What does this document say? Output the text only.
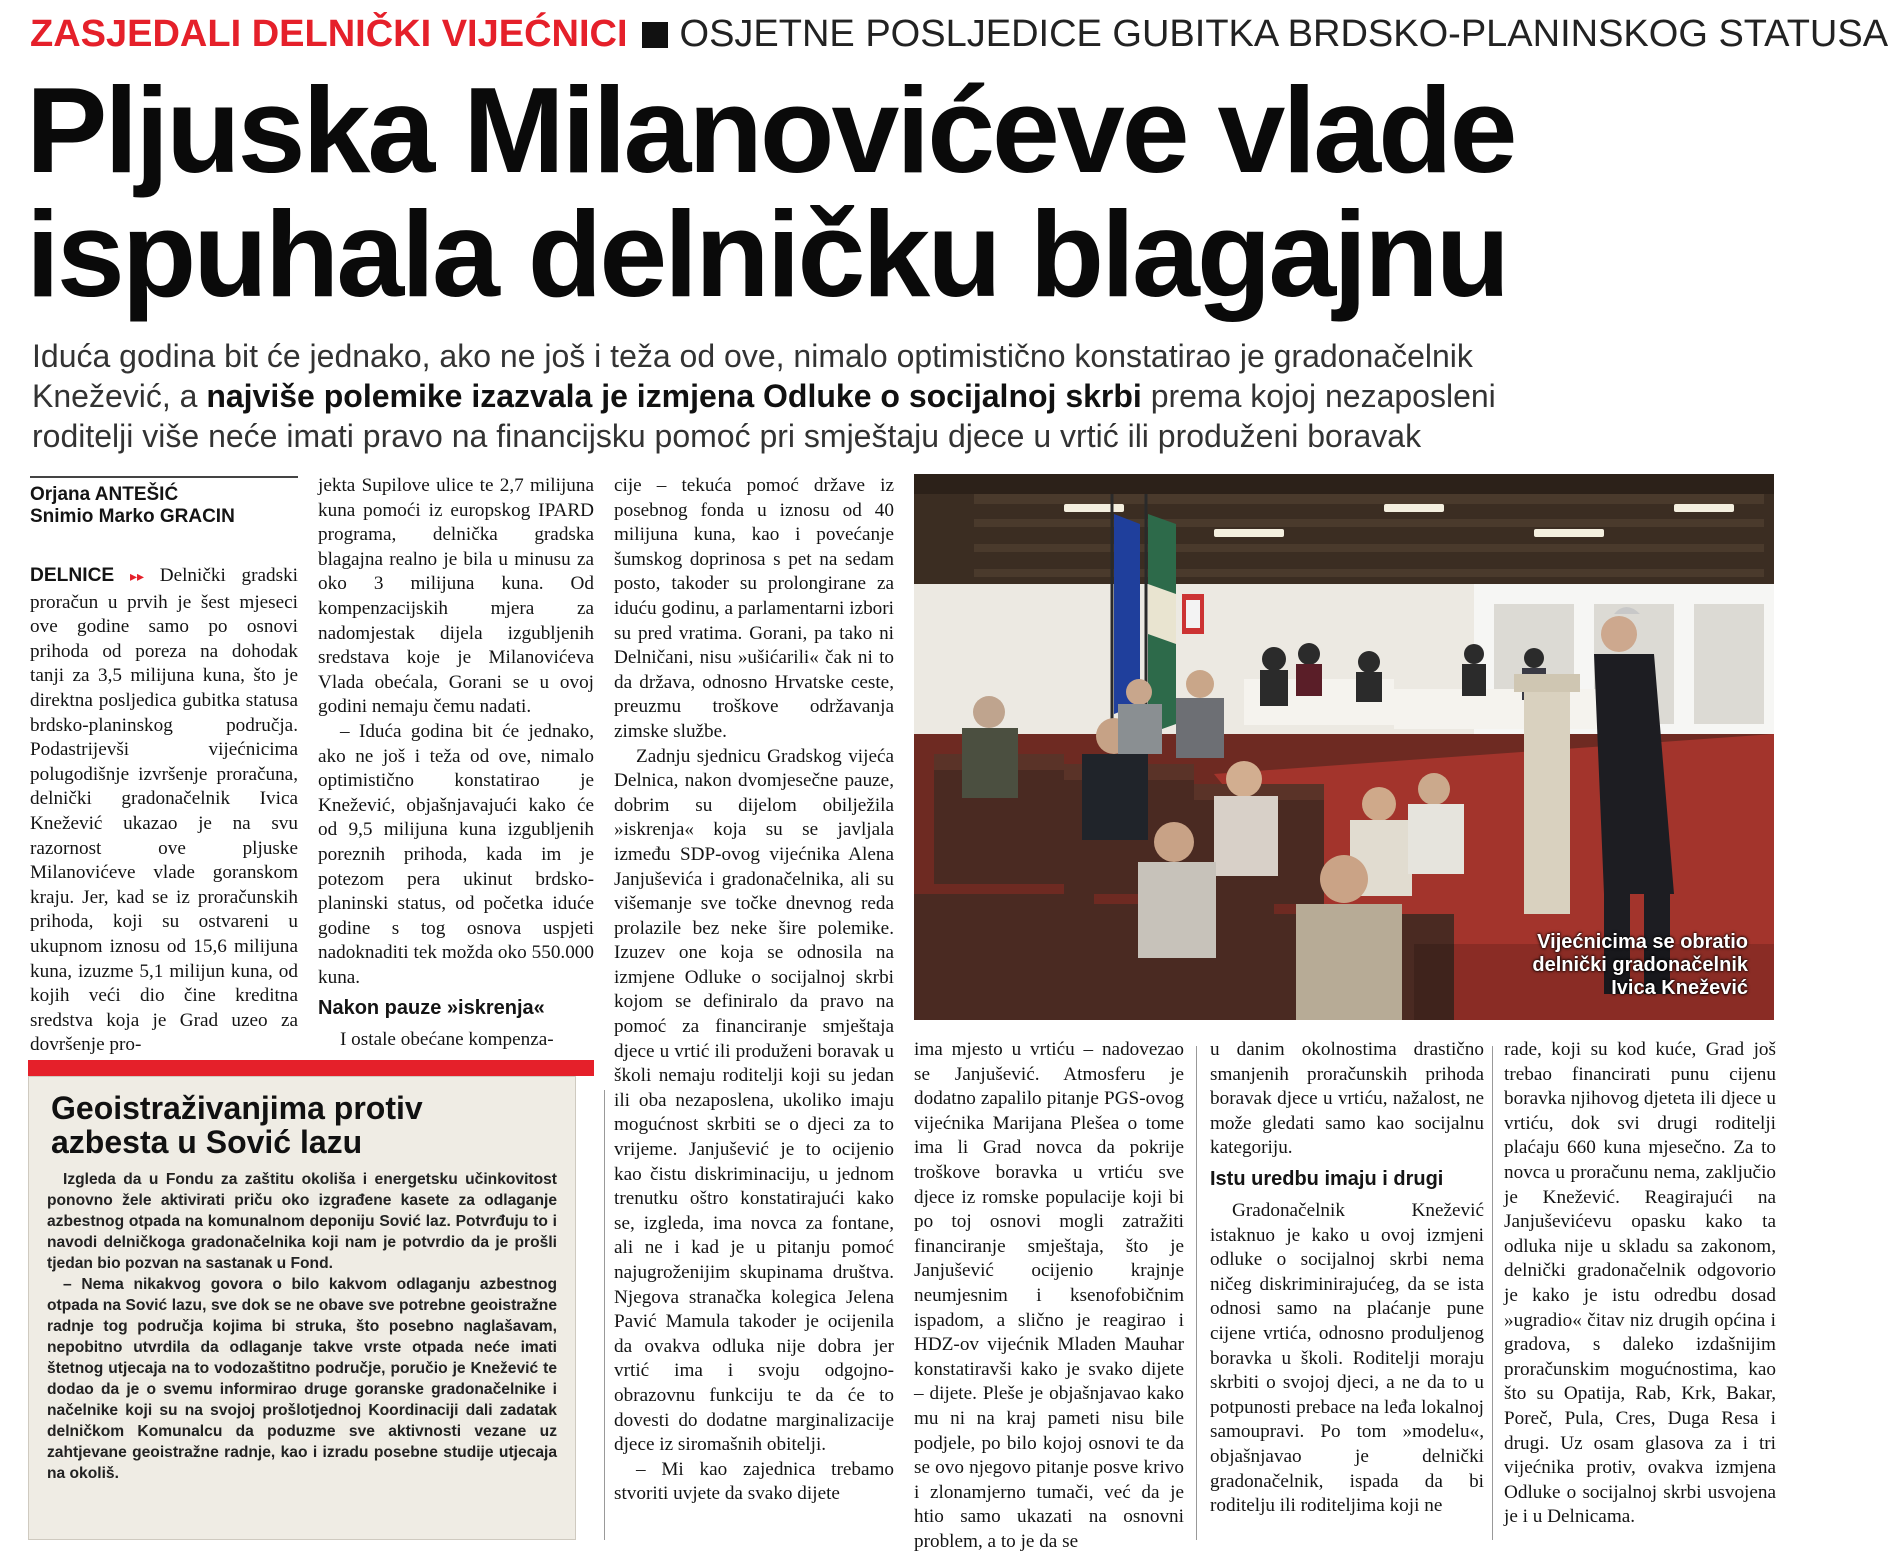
ZASJEDALI DELNIČKI VIJEĆNICI OSJETNE POSLJEDICE GUBITKA BRDSKO-PLANINSKOG STATUSA
Pljuska Milanovićeve vlade
ispuhala delničku blagajnu
Iduća godina bit će jednako, ako ne još i teža od ove, nimalo optimistično konstatirao je gradonačelnik
Knežević, a najviše polemike izazvala je izmjena Odluke o socijalnoj skrbi prema kojoj nezaposleni
roditelji više neće imati pravo na financijsku pomoć pri smještaju djece u vrtić ili produženi boravak
Orjana ANTEŠIĆ
Snimio Marko GRACIN

DELNICE ▸▸ Delnički gradski proračun u prvih je šest mjeseci ove godine samo po osnovi prihoda od poreza na dohodak tanji za 3,5 milijuna kuna, što je direktna posljedica gubitka statusa brdsko-planinskog područja. Podastrijevši vijećnicima polugodišnje izvršenje proračuna, delnički gradonačelnik Ivica Knežević ukazao je na svu razornost ove pljuske Milanovićeve vlade goranskom kraju. Jer, kad se iz proračunskih prihoda, koji su ostvareni u ukupnom iznosu od 15,6 milijuna kuna, izuzme 5,1 milijun kuna, od kojih veći dio čine kreditna sredstva koja je Grad uzeo za dovršenje pro-

jekta Supilove ulice te 2,7 milijuna kuna pomoći iz europskog IPARD programa, delnička gradska blagajna realno je bila u minusu za oko 3 milijuna kuna. Od kompenzacijskih mjera za nadomjestak dijela izgubljenih sredstava koje je Milanovićeva Vlada obećala, Gorani se u ovoj godini nemaju čemu nadati.

– Iduća godina bit će jednako, ako ne još i teža od ove, nimalo optimistično konstatirao je Knežević, objašnjavajući kako će od 9,5 milijuna kuna izgubljenih poreznih prihoda, kada im je potezom pera ukinut brdsko-planinski status, od početka iduće godine s tog osnova uspjeti nadoknaditi tek možda oko 550.000 kuna.

Nakon pauze »iskrenja«

I ostale obećane kompenza-

cije – tekuća pomoć države iz posebnog fonda u iznosu od 40 milijuna kuna, kao i povećanje šumskog doprinosa s pet na sedam posto, takoder su prolongirane za iduću godinu, a parlamentarni izbori su pred vratima. Gorani, pa tako ni Delničani, nisu »ušićarili« čak ni to da država, odnosno Hrvatske ceste, preuzmu troškove održavanja zimske službe.

Zadnju sjednicu Gradskog vijeća Delnica, nakon dvomjesečne pauze, dobrim su dijelom obilježila »iskrenja« koja su se javljala između SDP-ovog vijećnika Alena Janjuševića i gradonačelnika, ali su višemanje sve točke dnevnog reda prolazile bez neke šire polemike. Izuzev one koja se odnosila na izmjene Odluke o socijalnoj skrbi kojom se definiralo da pravo na pomoć za financiranje smještaja djece u vrtić ili produženi boravak u školi nemaju roditelji koji su jedan ili oba nezaposlena, ukoliko imaju mogućnost skrbiti se o djeci za to vrijeme. Janjušević je to ocijenio kao čistu diskriminaciju, u jednom trenutku oštro konstatirajući kako se, izgleda, ima novca za fontane, ali ne i kad je u pitanju pomoć najugroženijim skupinama društva. Njegova stranačka kolegica Jelena Pavić Mamula takoder je ocijenila da ovakva odluka nije dobra jer vrtić ima i svoju odgojno-obrazovnu funkciju te da će to dovesti do dodatne marginalizacije djece iz siromašnih obitelji.

– Mi kao zajednica trebamo stvoriti uvjete da svako dijete

Vijećnicima se obratio
delnički gradonačelnik
Ivica Knežević

ima mjesto u vrtiću – nadovezao se Janjušević. Atmosferu je dodatno zapalilo pitanje PGS-ovog vijećnika Marijana Plešea o tome ima li Grad novca da pokrije troškove boravka u vrtiću sve djece iz romske populacije koji bi po toj osnovi mogli zatražiti financiranje smještaja, što je Janjušević ocijenio krajnje neumjesnim i ksenofobičnim ispadom, a slično je reagirao i HDZ-ov vijećnik Mladen Mauhar konstatiravši kako je svako dijete – dijete. Pleše je objašnjavao kako mu ni na kraj pameti nisu bile podjele, po bilo kojoj osnovi te da se ovo njegovo pitanje posve krivo i zlonamjerno tumači, već da je htio samo ukazati na osnovni problem, a to je da se

u danim okolnostima drastično smanjenih proračunskih prihoda boravak djece u vrtiću, nažalost, ne može gledati samo kao socijalnu kategoriju.

Istu uredbu imaju i drugi

Gradonačelnik Knežević istaknuo je kako u ovoj izmjeni odluke o socijalnoj skrbi nema ničeg diskriminirajućeg, da se ista odnosi samo na plaćanje pune cijene vrtića, odnosno produljenog boravka u školi. Roditelji moraju skrbiti o svojoj djeci, a ne da to u potpunosti prebace na leđa lokalnoj samoupravi. Po tom »modelu«, objašnjavao je delnički gradonačelnik, ispada da bi roditelju ili roditeljima koji ne

rade, koji su kod kuće, Grad još trebao financirati punu cijenu boravka njihovog djeteta ili djece u vrtiću, dok svi drugi roditelji plaćaju 660 kuna mjesečno. Za to novca u proračunu nema, zaključio je Knežević. Reagirajući na Janjuševićevu opasku kako ta odluka nije u skladu sa zakonom, delnički gradonačelnik odgovorio je kako je istu odredbu dosad »ugradio« čitav niz drugih općina i gradova, s daleko izdašnijim proračunskim mogućnostima, kao što su Opatija, Rab, Krk, Bakar, Poreč, Pula, Cres, Duga Resa i drugi. Uz osam glasova za i tri vijećnika protiv, ovakva izmjena Odluke o socijalnoj skrbi usvojena je i u Delnicama.

Geoistraživanjima protiv
azbesta u Sović lazu

Izgleda da u Fondu za zaštitu okoliša i energetsku učinkovitost ponovno žele aktivirati priču oko izgrađene kasete za odlaganje azbestnog otpada na komunalnom deponiju Sović laz. Potvrđuju to i navodi delničkoga gradonačelnika koji nam je potvrdio da je prošli tjedan bio pozvan na sastanak u Fond.

– Nema nikakvog govora o bilo kakvom odlaganju azbestnog otpada na Sović lazu, sve dok se ne obave sve potrebne geoistražne radnje tog područja kojima bi struka, što posebno naglašavam, nepobitno utvrdila da odlaganje takve vrste otpada neće imati štetnog utjecaja na to vodozaštitno područje, poručio je Knežević te dodao da je o svemu informirao druge goranske gradonačelnike i načelnike koji su na svojoj prošlotjednoj Koordinaciji dali zadatak delničkom Komunalcu da poduzme sve aktivnosti vezane uz zahtjevane geoistražne radnje, kao i izradu posebne studije utjecaja na okoliš.
